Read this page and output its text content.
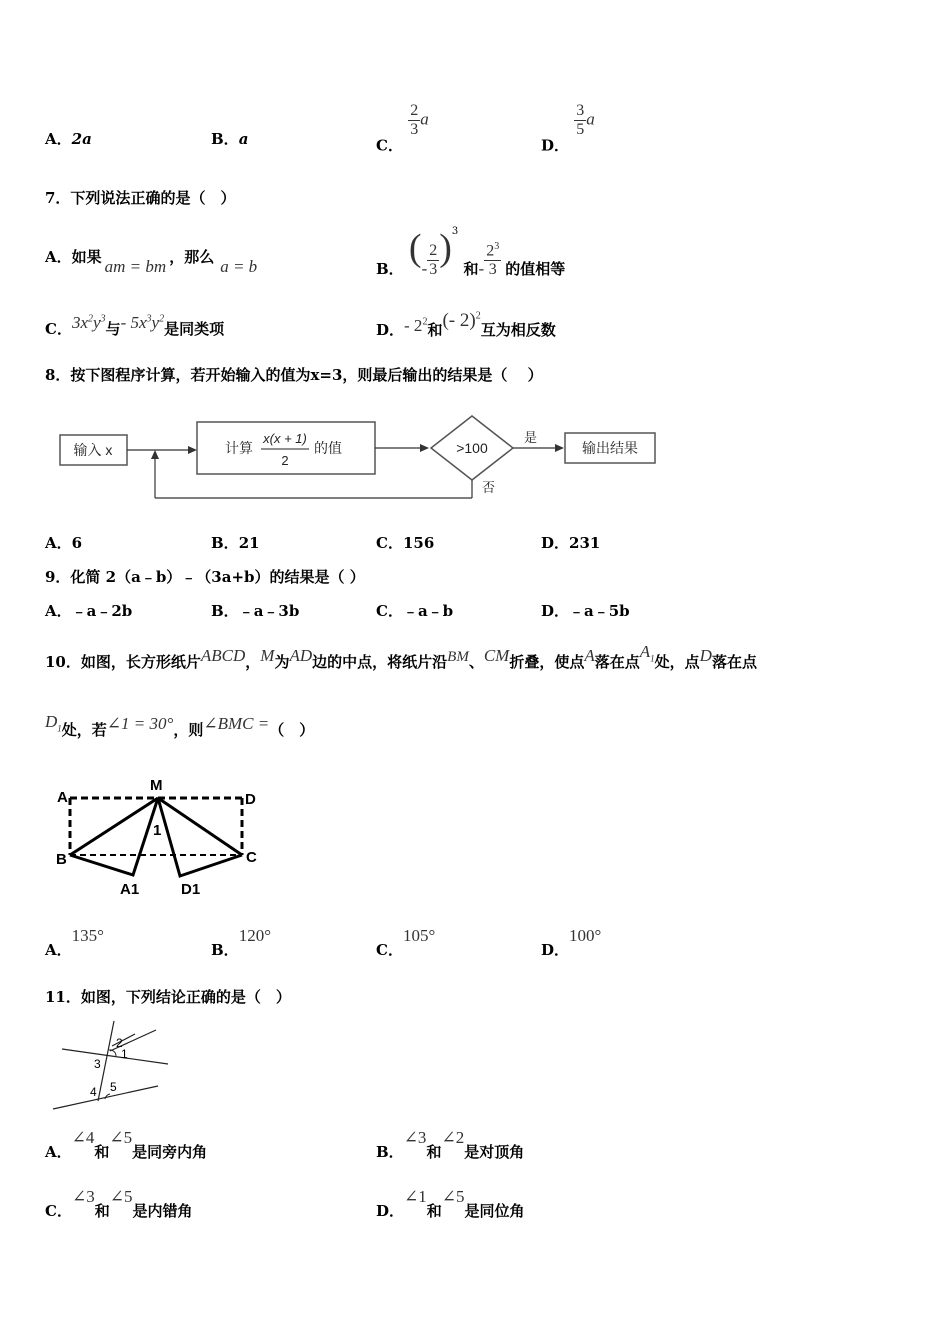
A．2a	B．a	C．
$\frac{2}{3}$ a
D．
$\frac{3}{5}$ a
7．下列说法正确的是（　）
A．如果 am = bm ，那么 a = b	B． (- $\frac{2}{3} )^3$ 和- $\frac{2^3}{3}$ 的值相等
C．$3x^2y^3$与- $5x^3y^2$是同类项	D．- $2^2$和(- 2)$^2$互为相反数
8．按下图程序计算，若开始输入的值为x=3，则最后输出的结果是（　 ）
输入 x	计算
x(x + 1)
2
的值	>100
是
输出结果
否
A．6	B．21	C．156	D．231
9．化简 2（a﹣b）﹣（3a+b）的结果是（ ）
A．﹣a﹣2b	B．﹣a﹣3b	C．﹣a﹣b	D．﹣a﹣5b
10．如图，长方形纸片ABCD，M为AD边的中点，将纸片沿BM、CM折叠，使点A落在点$A_1$处，点D落在点
$D_1$处，若∠1 = 30°，则∠BMC =（　）
A
M
D
B	C
A1	D1
1
A．135°
B．120°
C．105°
D．100°
11．如图，下列结论正确的是（　）
2
1
3
4 5
A．∠4和∠5是同旁内角	B．∠3和∠2是对顶角
C．∠3和∠5是内错角	D．∠1和∠5是同位角
